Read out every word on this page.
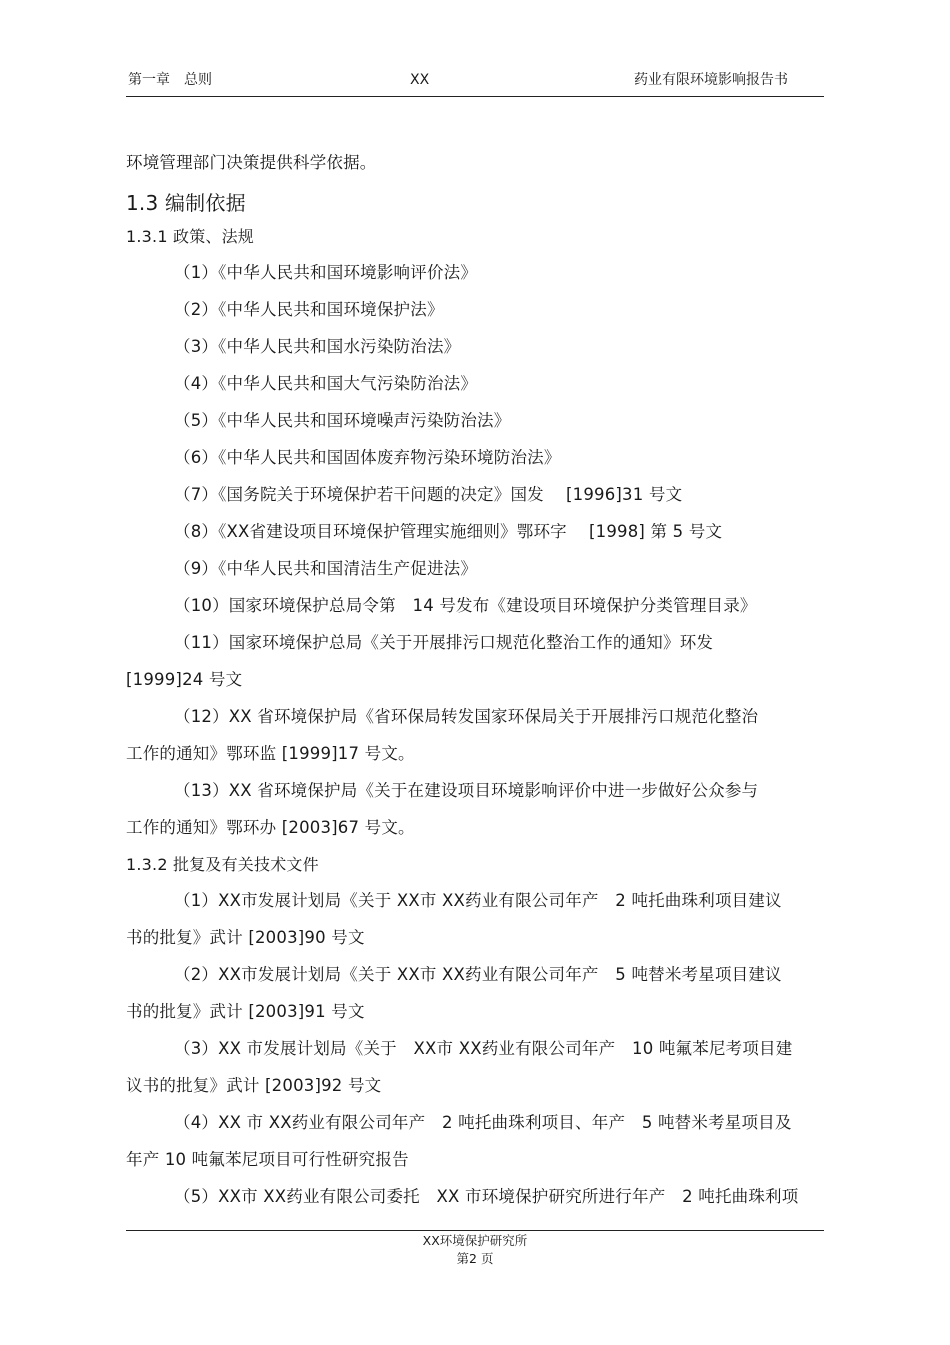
第一章　总则	XX	药业有限环境影响报告书
环境管理部门决策提供科学依据。
1.3 编制依据
1.3.1 政策、法规
（1）《中华人民共和国环境影响评价法》
（2）《中华人民共和国环境保护法》
（3）《中华人民共和国水污染防治法》
（4）《中华人民共和国大气污染防治法》
（5）《中华人民共和国环境噪声污染防治法》
（6）《中华人民共和国固体废弃物污染环境防治法》
（7）《国务院关于环境保护若干问题的决定》国发　 [1996]31 号文
（8）《XX省建设项目环境保护管理实施细则》鄂环字　 [1998] 第 5 号文
（9）《中华人民共和国清洁生产促进法》
（10）国家环境保护总局令第　14 号发布《建设项目环境保护分类管理目录》
（11）国家环境保护总局《关于开展排污口规范化整治工作的通知》环发
[1999]24 号文
（12）XX 省环境保护局《省环保局转发国家环保局关于开展排污口规范化整治
工作的通知》鄂环监 [1999]17 号文。
（13）XX 省环境保护局《关于在建设项目环境影响评价中进一步做好公众参与
工作的通知》鄂环办 [2003]67 号文。
1.3.2 批复及有关技术文件
（1）XX市发展计划局《关于 XX市 XX药业有限公司年产　2 吨托曲珠利项目建议
书的批复》武计 [2003]90 号文
（2）XX市发展计划局《关于 XX市 XX药业有限公司年产　5 吨替米考星项目建议
书的批复》武计 [2003]91 号文
（3）XX 市发展计划局《关于　XX市 XX药业有限公司年产　10 吨氟苯尼考项目建
议书的批复》武计 [2003]92 号文
（4）XX 市 XX药业有限公司年产　2 吨托曲珠利项目、年产　5 吨替米考星项目及
年产 10 吨氟苯尼项目可行性研究报告
（5）XX市 XX药业有限公司委托　XX 市环境保护研究所进行年产　2 吨托曲珠利项
XX环境保护研究所
第2 页
